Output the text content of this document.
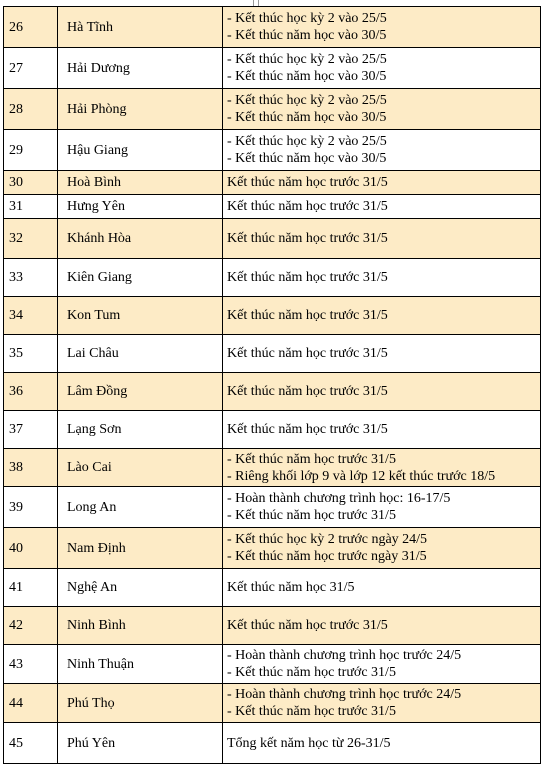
26	Hà Tĩnh	- Kết thúc học kỳ 2 vào 25/5
- Kết thúc năm học vào 30/5

27	Hải Dương	- Kết thúc học kỳ 2 vào 25/5
- Kết thúc năm học vào 30/5

28	Hải Phòng	- Kết thúc học kỳ 2 vào 25/5
- Kết thúc năm học vào 30/5

29	Hậu Giang	- Kết thúc học kỳ 2 vào 25/5
- Kết thúc năm học vào 30/5

30	Hoà Bình	Kết thúc năm học trước 31/5

31	Hưng Yên	Kết thúc năm học trước 31/5

32	Khánh Hòa	Kết thúc năm học trước 31/5

33	Kiên Giang	Kết thúc năm học trước 31/5

34	Kon Tum	Kết thúc năm học trước 31/5

35	Lai Châu	Kết thúc năm học trước 31/5

36	Lâm Đồng	Kết thúc năm học trước 31/5

37	Lạng Sơn	Kết thúc năm học trước 31/5

38	Lào Cai	- Kết thúc năm học trước 31/5
- Riêng khối lớp 9 và lớp 12 kết thúc trước 18/5

39	Long An	- Hoàn thành chương trình học: 16-17/5
- Kết thúc năm học trước 31/5

40	Nam Định	- Kết thúc học kỳ 2 trước ngày 24/5
- Kết thúc năm học trước ngày 31/5

41	Nghệ An	Kết thúc năm học 31/5

42	Ninh Bình	Kết thúc năm học trước 31/5

43	Ninh Thuận	- Hoàn thành chương trình học trước 24/5
- Kết thúc năm học trước 31/5

44	Phú Thọ	- Hoàn thành chương trình học trước 24/5
- Kết thúc năm học trước 31/5

45	Phú Yên	Tổng kết năm học từ 26-31/5
